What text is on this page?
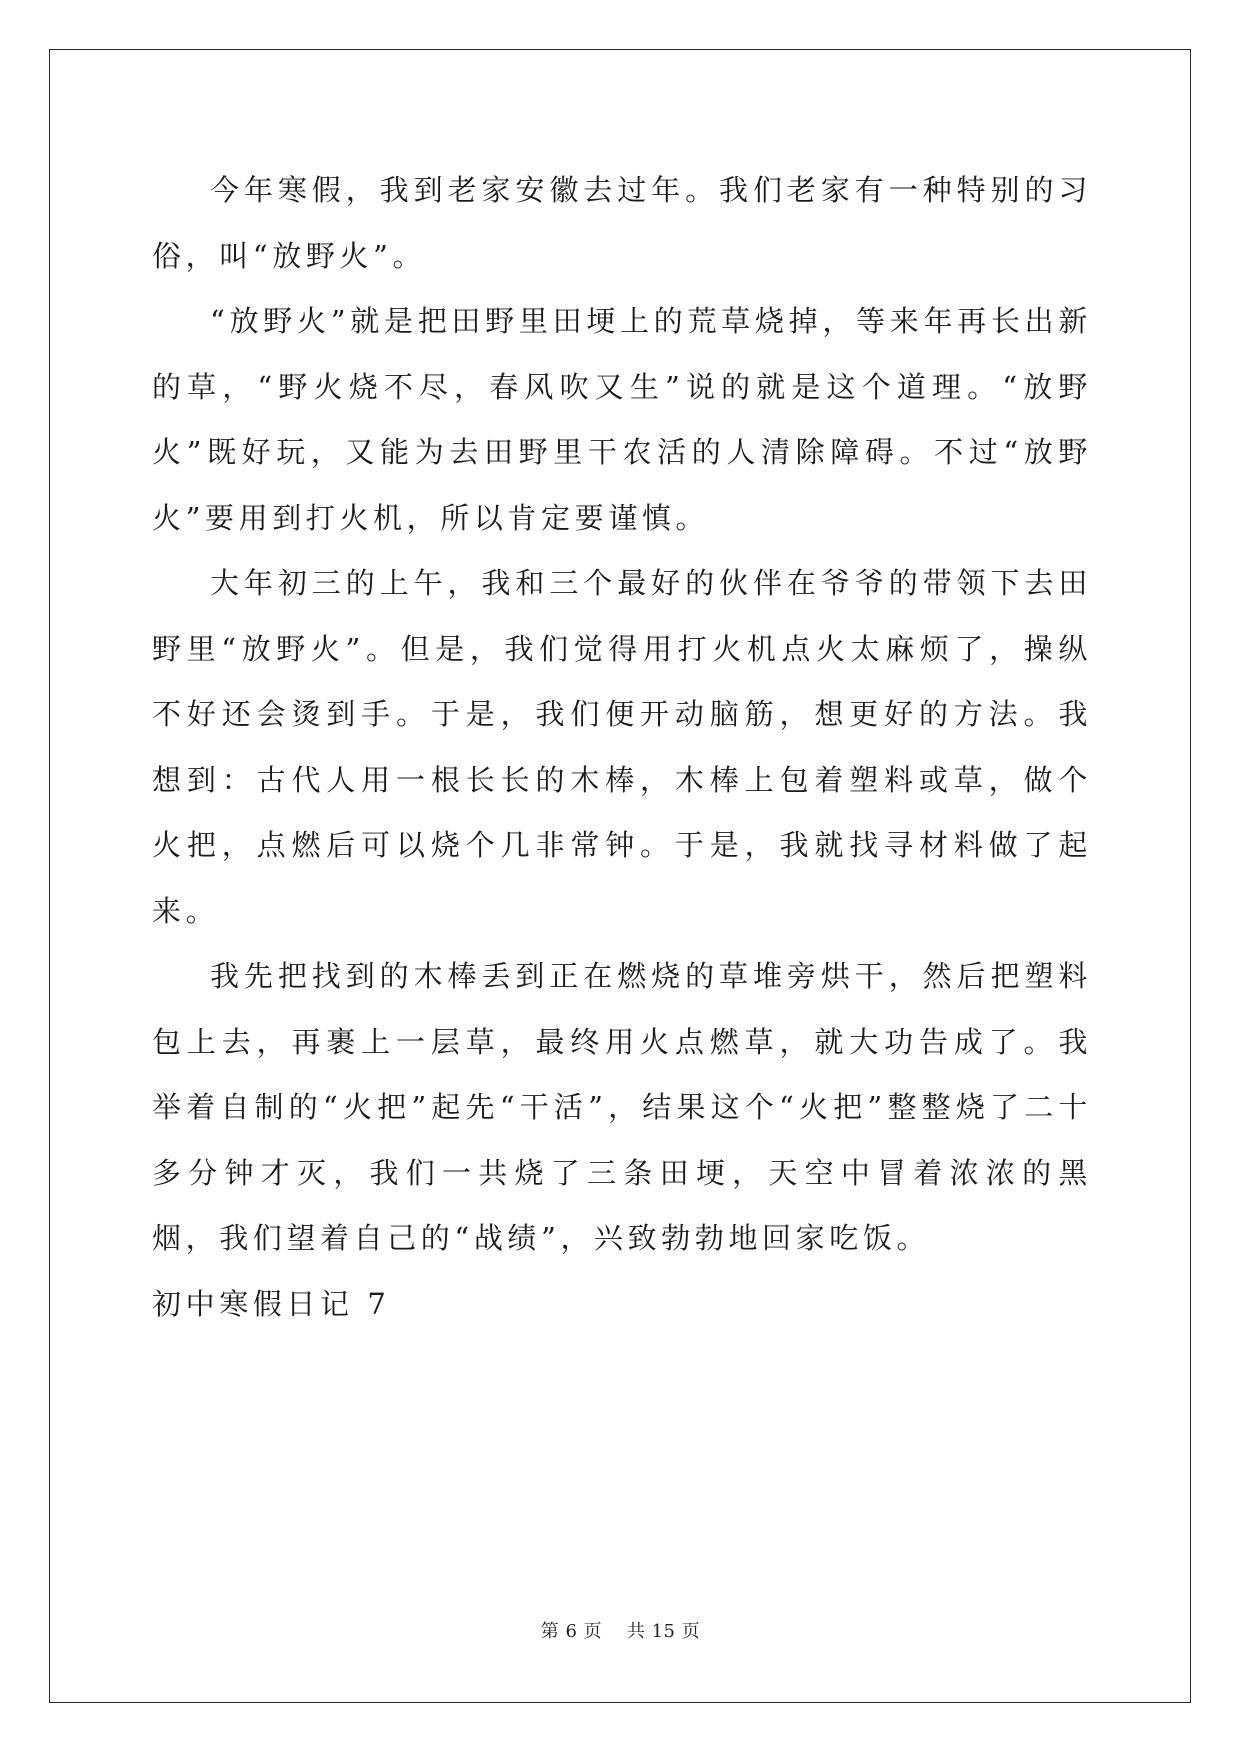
今年寒假，我到老家安徽去过年。我们老家有一种特别的习俗，叫“放野火”。

“放野火”就是把田野里田埂上的荒草烧掉，等来年再长出新的草，“野火烧不尽，春风吹又生”说的就是这个道理。“放野火”既好玩，又能为去田野里干农活的人清除障碍。不过“放野火”要用到打火机，所以肯定要谨慎。

大年初三的上午，我和三个最好的伙伴在爷爷的带领下去田野里“放野火”。但是，我们觉得用打火机点火太麻烦了，操纵不好还会烫到手。于是，我们便开动脑筋，想更好的方法。我想到：古代人用一根长长的木棒，木棒上包着塑料或草，做个火把，点燃后可以烧个几非常钟。于是，我就找寻材料做了起来。

我先把找到的木棒丢到正在燃烧的草堆旁烘干，然后把塑料包上去，再裹上一层草，最终用火点燃草，就大功告成了。我举着自制的“火把”起先“干活”，结果这个“火把”整整烧了二十多分钟才灭，我们一共烧了三条田埂，天空中冒着浓浓的黑烟，我们望着自己的“战绩”，兴致勃勃地回家吃饭。

初中寒假日记 7

第 6 页　 共 15 页
